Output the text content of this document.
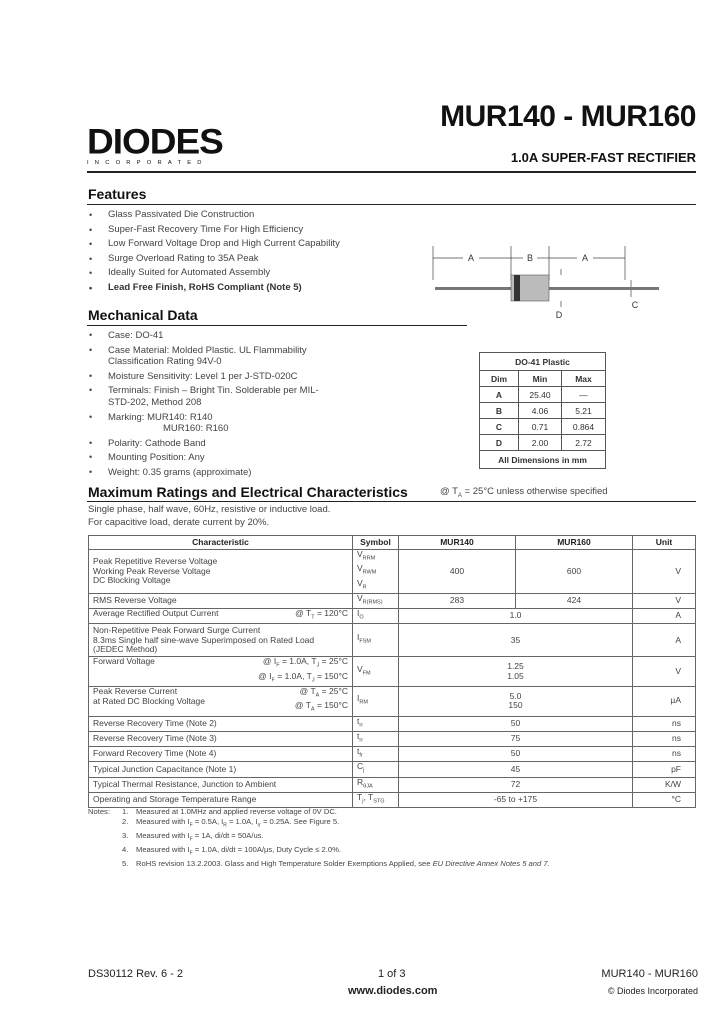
DIODES
INCORPORATED
MUR140 - MUR160
1.0A SUPER-FAST RECTIFIER
Features
• Glass Passivated Die Construction
• Super-Fast Recovery Time For High Efficiency
• Low Forward Voltage Drop and High Current Capability
• Surge Overload Rating to 35A Peak
• Ideally Suited for Automated Assembly
• Lead Free Finish, RoHS Compliant (Note 5)
A	B	A
C
D
Mechanical Data
• Case: DO-41
• Case Material: Molded Plastic. UL Flammability Classification Rating 94V-0
• Moisture Sensitivity: Level 1 per J-STD-020C
• Terminals: Finish – Bright Tin. Solderable per MIL-STD-202, Method 208
• Marking: MUR140: R140
MUR160: R160
• Polarity: Cathode Band
• Mounting Position: Any
• Weight: 0.35 grams (approximate)
DO-41 Plastic		
Dim	Min	Max
A	25.40	—
B	4.06	5.21
C	0.71	0.864
D	2.00	2.72
All Dimensions in mm		
Maximum Ratings and Electrical Characteristics	@ $T_A = 25^\circ C$ unless otherwise specified
Single phase, half wave, 60Hz, resistive or inductive load.
For capacitive load, derate current by 20%.
Characteristic	Symbol	MUR140	MUR160	Unit
Peak Repetitive Reverse Voltage
Working Peak Reverse Voltage
DC Blocking Voltage	$V_{RRM}$
$V_{RWM}$
$V_R$	400	600	V
RMS Reverse Voltage	$V_{R(RMS)}$	283	424	V

Average Rectified Output Current @ $T_T = 120^\circ C$	$I_O$	1.0		A
Non-Repetitive Peak Forward Surge Current
8.3ms Single half sine-wave Superimposed on Rated Load
(JEDEC Method)	$I_{FSM}$	35		A

Forward Voltage @ $I_F = 1.0A$, $T_J = 25^\circ C$
@ $I_F = 1.0A$, $T_J = 150^\circ C$	$V_{FM}$	1.25
1.05		V

Peak Reverse Current
at Rated DC Blocking Voltage
@ $T_A = 25^\circ C$
@ $T_A = 150^\circ C$	$I_{RM}$	5.0
150		µA
Reverse Recovery Time (Note 2)	$t_{rr}$	50		ns
Reverse Recovery Time (Note 3)	$t_{rr}$	75		ns
Forward Recovery Time (Note 4)	$t_{fr}$	50		ns
Typical Junction Capacitance (Note 1)	$C_j$	45		pF
Typical Thermal Resistance, Junction to Ambient	$R_{\theta JA}$	72		K/W
Operating and Storage Temperature Range	$T_j$, $T_{STG}$	-65 to +175		°C
Notes:	1.	Measured at 1.0MHz and applied reverse voltage of 0V DC.
	2.	Measured with $I_F = 0.5A$, $I_R = 1.0A$, $I_{rr} = 0.25A$. See Figure 5.
	3.	Measured with $I_F = 1A$, di/dt = 50A/us.
	4.	Measured with $I_F = 1.0A$, di/dt = 100A/µs, Duty Cycle ≤ 2.0%.
	5.	RoHS revision 13.2.2003. Glass and High Temperature Solder Exemptions Applied, see EU Directive Annex Notes 5 and 7.
DS30112 Rev. 6 - 2	1 of 3
www.diodes.com
MUR140 - MUR160
© Diodes Incorporated
